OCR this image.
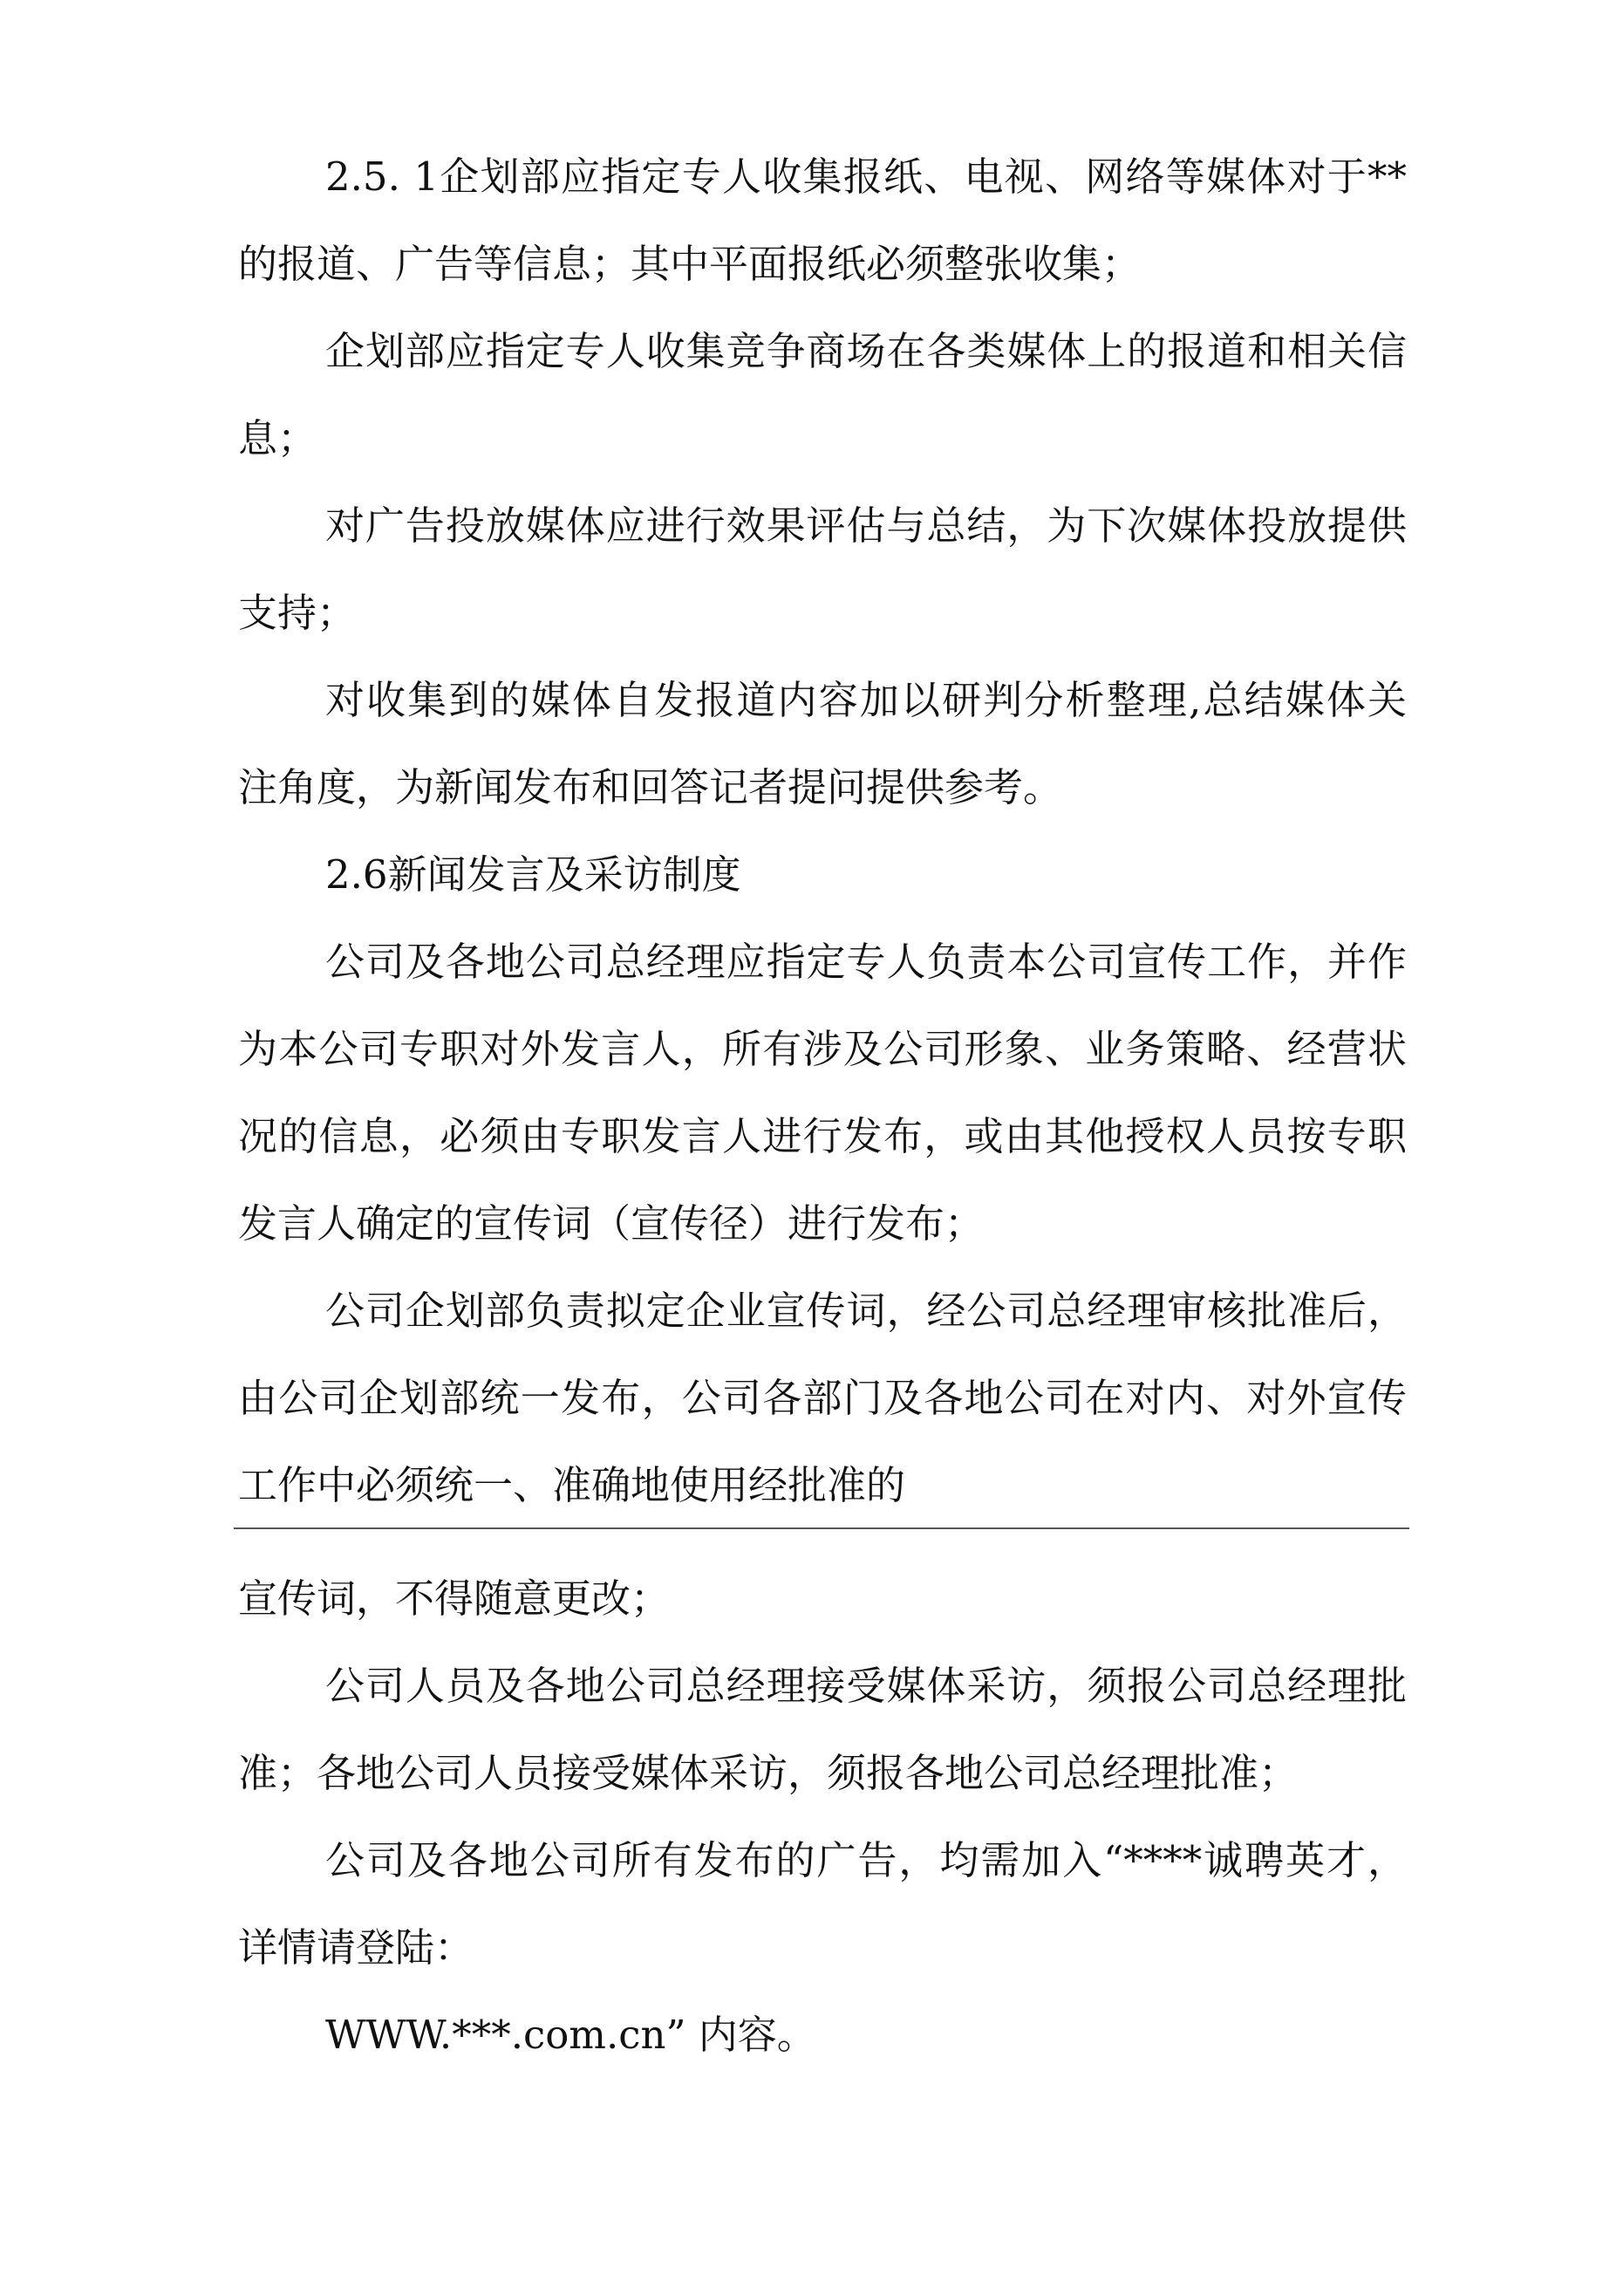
2.5. 1企划部应指定专人收集报纸、电视、网络等媒体对于**
的报道、广告等信息；其中平面报纸必须整张收集；
企划部应指定专人收集竞争商场在各类媒体上的报道和相关信
息；
对广告投放媒体应进行效果评估与总结，为下次媒体投放提供
支持；
对收集到的媒体自发报道内容加以研判分析整理,总结媒体关
注角度，为新闻发布和回答记者提问提供参考。
2.6新闻发言及采访制度
公司及各地公司总经理应指定专人负责本公司宣传工作，并作
为本公司专职对外发言人，所有涉及公司形象、业务策略、经营状
况的信息，必须由专职发言人进行发布，或由其他授权人员按专职
发言人确定的宣传词（宣传径）进行发布；
公司企划部负责拟定企业宣传词，经公司总经理审核批准后，
由公司企划部统一发布，公司各部门及各地公司在对内、对外宣传
工作中必须统一、准确地使用经批准的
宣传词，不得随意更改；
公司人员及各地公司总经理接受媒体采访，须报公司总经理批
准；各地公司人员接受媒体采访，须报各地公司总经理批准；
公司及各地公司所有发布的广告，均需加入“****诚聘英才，
详情请登陆：
WWW.***.com.cn” 内容。
